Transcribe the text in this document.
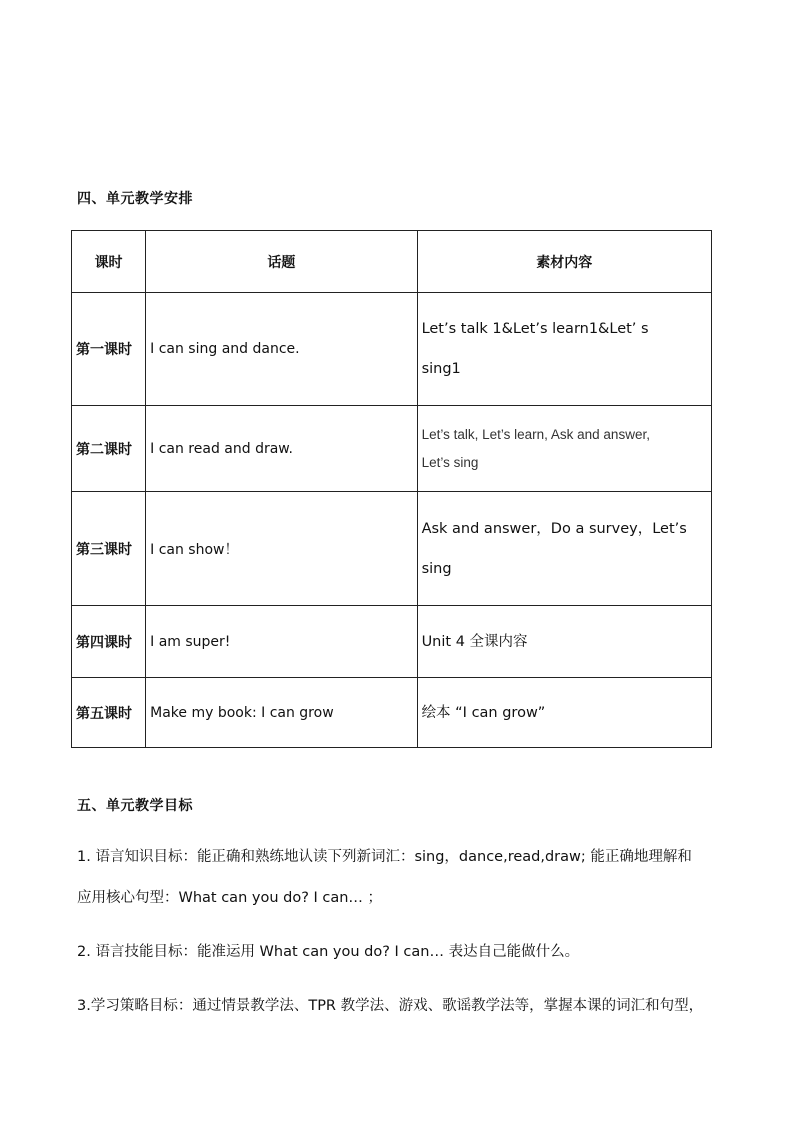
四、单元教学安排
课时	话题	素材内容
第一课时	I can sing and dance.	Let’s talk 1&Let’s learn1&Let’ s
sing1

第二课时	I can read and draw.	Let’s talk, Let’s learn, Ask and answer,
Let’s sing

第三课时	I can show！	Ask and answer，Do a survey，Let’s
sing

第四课时	I am super!	Unit 4 全课内容

第五课时	Make my book: I can grow	绘本 “I can grow”
五、单元教学目标
1. 语言知识目标：能正确和熟练地认读下列新词汇：sing，dance,read,draw; 能正确地理解和
应用核心句型：What can you do? I can… ；
2. 语言技能目标：能准运用 What can you do? I can… 表达自己能做什么。
3.学习策略目标：通过情景教学法、TPR 教学法、游戏、歌谣教学法等，掌握本课的词汇和句型，
